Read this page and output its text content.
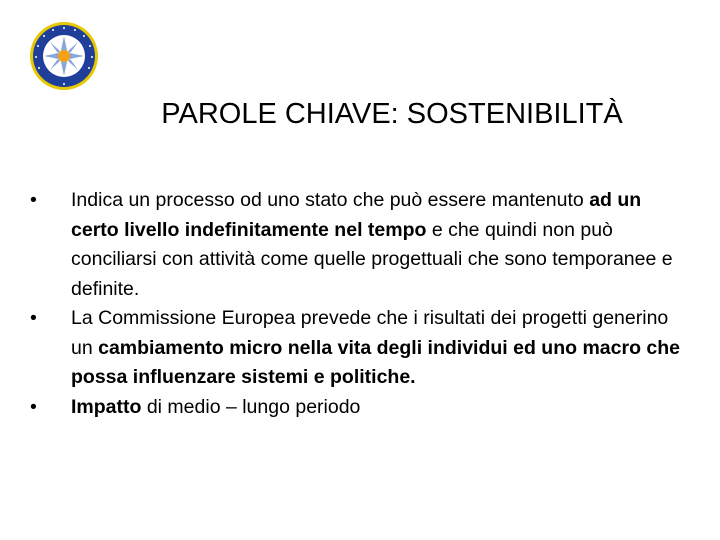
PAROLE CHIAVE: SOSTENIBILITÀ
•	Indica un processo od uno stato che può essere mantenuto ad un certo livello indefinitamente nel tempo e che quindi non può conciliarsi con attività come quelle progettuali che sono temporanee e definite.
•	La Commissione Europea prevede che i risultati dei progetti generino un cambiamento micro nella vita degli individui ed uno macro che possa influenzare sistemi e politiche.
•	Impatto di medio – lungo periodo
